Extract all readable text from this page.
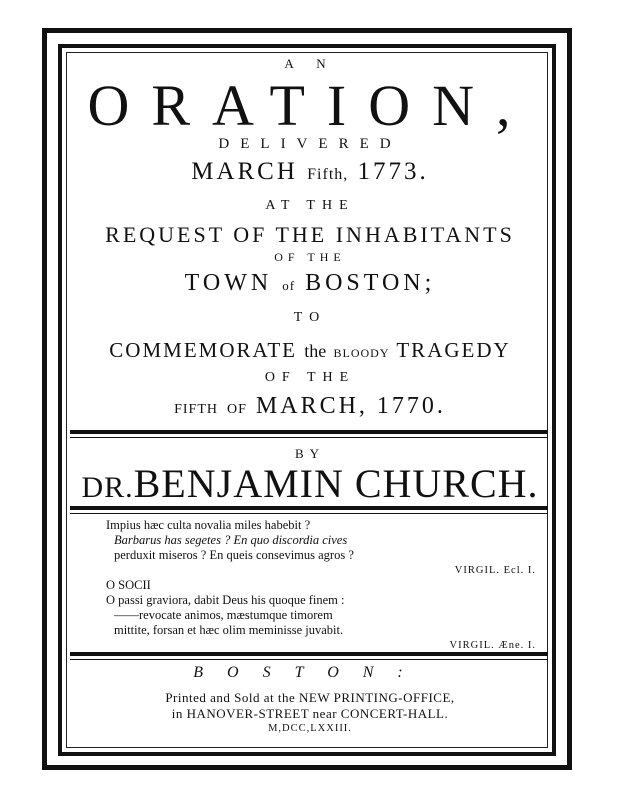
A N
ORATION,
DELIVERED
MARCH Fifth, 1773.
AT THE
REQUEST OF THE INHABITANTS
OF THE
TOWN of BOSTON;
TO
COMMEMORATE the BLOODY TRAGEDY
OF THE
FIFTH OF MARCH, 1770.
BY
DR.BENJAMIN CHURCH.
Impius hæc culta novalia miles habebit ?
Barbarus has segetes ? En quo discordia cives
perduxit miseros ? En queis consevimus agros ?
VIRGIL. Ecl. I.
O SOCII
O passi graviora, dabit Deus his quoque finem :
——revocate animos, mæstumque timorem
mittite, forsan et hæc olim meminisse juvabit.
VIRGIL. Æne. I.
BOSTON:
Printed and Sold at the NEW PRINTING-OFFICE,
in HANOVER-STREET near CONCERT-HALL.
M,DCC,LXXIII.
